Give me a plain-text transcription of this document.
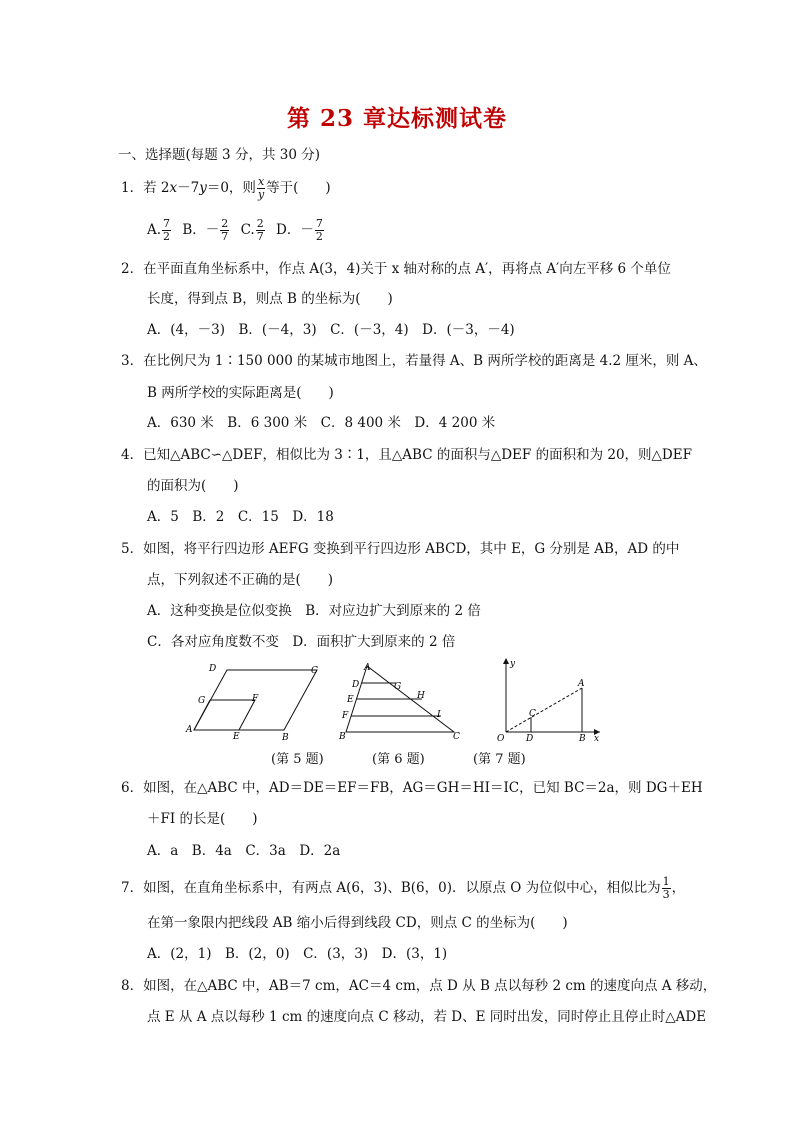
第 23 章达标测试卷
一、选择题(每题 3 分，共 30 分)
1．若 2x－7y＝0，则 $\frac{x}{y}$ 等于(　　)
A. $\frac{7}{2}$ B．－ $\frac{2}{7} C$. $\frac{2}{7}$ D．－ $\frac{7}{2}$
2．在平面直角坐标系中，作点 A(3，4)关于 x 轴对称的点 A′，再将点 A′向左平移 6 个单位
长度，得到点 B，则点 B 的坐标为(　　)
A．(4，－3)　B．(－4，3)　C．(－3，4)　D．(－3，－4)
3．在比例尺为 1∶150 000 的某城市地图上，若量得 A、B 两所学校的距离是 4.2 厘米，则 A、
B 两所学校的实际距离是(　　)
A．630 米　B．6 300 米　C．8 400 米　D．4 200 米
4．已知△ABC∽△DEF，相似比为 3∶1，且△ABC 的面积与△DEF 的面积和为 20，则△DEF
的面积为(　　)
A．5　B．2　C．15　D．18
5．如图，将平行四边形 AEFG 变换到平行四边形 ABCD，其中 E，G 分别是 AB，AD 的中
点，下列叙述不正确的是(　　)
A．这种变换是位似变换　B．对应边扩大到原来的 2 倍
C．各对应角度数不变　D．面积扩大到原来的 2 倍
A
B
C
D
E
F
G
A
B	C
D
E
F
G
H
I
y
x
O
A
B
C
D
(第 5 题)	(第 6 题)	(第 7 题)
6．如图，在△ABC 中，AD＝DE＝EF＝FB，AG＝GH＝HI＝IC，已知 BC＝2a，则 DG＋EH
＋FI 的长是(　　)
A．a　B．4a　C．3a　D．2a
7．如图，在直角坐标系中，有两点 A(6，3)、B(6，0)．以原点 O 为位似中心，相似比为 $\frac{1}{3}$ ，
在第一象限内把线段 AB 缩小后得到线段 CD，则点 C 的坐标为(　　)
A．(2，1)　B．(2，0)　C．(3，3)　D．(3，1)
8．如图，在△ABC 中，AB＝7 cm，AC＝4 cm，点 D 从 B 点以每秒 2 cm 的速度向点 A 移动，
点 E 从 A 点以每秒 1 cm 的速度向点 C 移动，若 D、E 同时出发，同时停止且停止时△ADE
